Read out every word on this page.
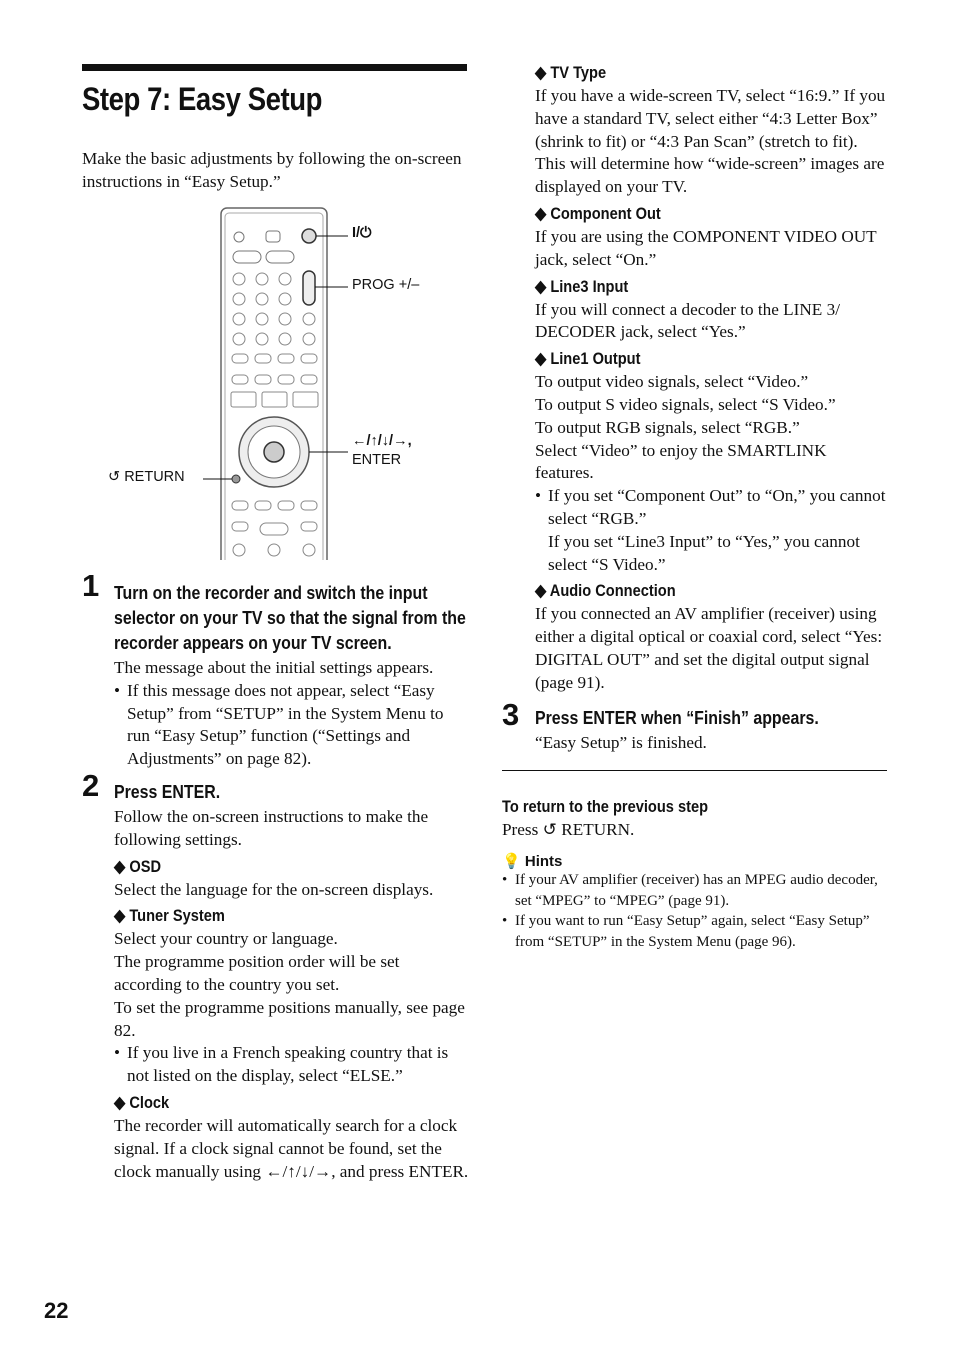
Step 7: Easy Setup

Make the basic adjustments by following the on-screen instructions in “Easy Setup.”

I/⏻
PROG +/–
←/↑/↓/→,
ENTER
↺ RETURN
1 Turn on the recorder and switch the input selector on your TV so that the signal from the recorder appears on your TV screen.

The message about the initial settings appears.

• If this message does not appear, select “Easy Setup” from “SETUP” in the System Menu to run “Easy Setup” function (“Settings and Adjustments” on page 82).

2 Press ENTER.

Follow the on-screen instructions to make the following settings.

◆ OSD

Select the language for the on-screen displays.

◆ Tuner System

Select your country or language.

The programme position order will be set according to the country you set.

To set the programme positions manually, see page 82.

• If you live in a French speaking country that is not listed on the display, select “ELSE.”

◆ Clock

The recorder will automatically search for a clock signal. If a clock signal cannot be found, set the clock manually using ←/↑/↓/→, and press ENTER.

◆ TV Type

If you have a wide-screen TV, select “16:9.” If you have a standard TV, select either “4:3 Letter Box” (shrink to fit) or “4:3 Pan Scan” (stretch to fit). This will determine how “wide-screen” images are displayed on your TV.

◆ Component Out

If you are using the COMPONENT VIDEO OUT jack, select “On.”

◆ Line3 Input

If you will connect a decoder to the LINE 3/ DECODER jack, select “Yes.”

◆ Line1 Output

To output video signals, select “Video.”

To output S video signals, select “S Video.”

To output RGB signals, select “RGB.”

Select “Video” to enjoy the SMARTLINK features.

• If you set “Component Out” to “On,” you cannot select “RGB.”

If you set “Line3 Input” to “Yes,” you cannot select “S Video.”

◆ Audio Connection

If you connected an AV amplifier (receiver) using either a digital optical or coaxial cord, select “Yes: DIGITAL OUT” and set the digital output signal (page 91).

3 Press ENTER when “Finish” appears.

“Easy Setup” is finished.

To return to the previous step

Press ↺ RETURN.

💡 Hints
• If your AV amplifier (receiver) has an MPEG audio decoder, set “MPEG” to “MPEG” (page 91).
• If you want to run “Easy Setup” again, select “Easy Setup” from “SETUP” in the System Menu (page 96).
22
